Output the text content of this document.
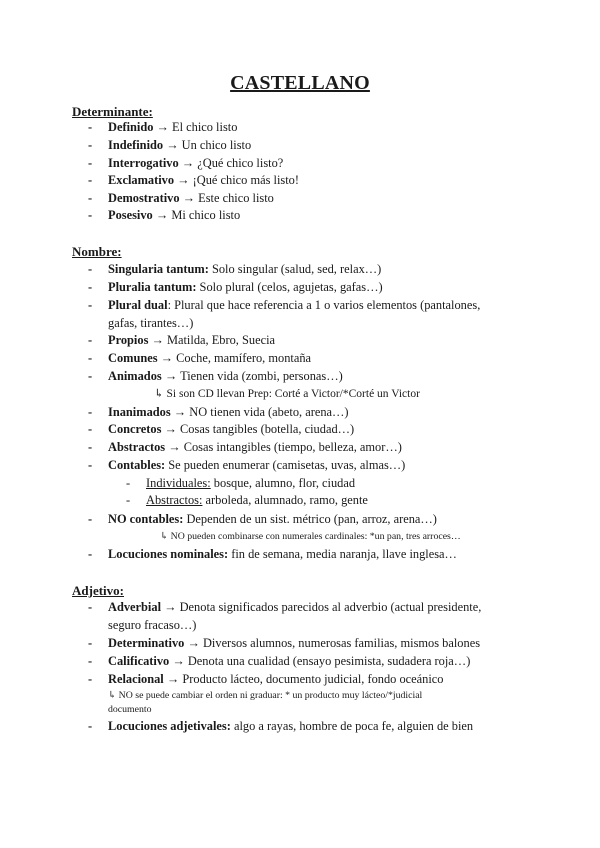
CASTELLANO
Determinante:
- Definido → El chico listo
- Indefinido → Un chico listo
- Interrogativo → ¿Qué chico listo?
- Exclamativo → ¡Qué chico más listo!
- Demostrativo → Este chico listo
- Posesivo → Mi chico listo
Nombre:
- Singularia tantum: Solo singular (salud, sed, relax…)
- Pluralia tantum: Solo plural (celos, agujetas, gafas…)
- Plural dual: Plural que hace referencia a 1 o varios elementos (pantalones,
gafas, tirantes…)
- Propios → Matilda, Ebro, Suecia
- Comunes → Coche, mamífero, montaña
- Animados → Tienen vida (zombi, personas…)
↳ Si son CD llevan Prep: Corté a Victor/*Corté un Victor
- Inanimados → NO tienen vida (abeto, arena…)
- Concretos → Cosas tangibles (botella, ciudad…)
- Abstractos → Cosas intangibles (tiempo, belleza, amor…)
- Contables: Se pueden enumerar (camisetas, uvas, almas…)
- Individuales: bosque, alumno, flor, ciudad
- Abstractos: arboleda, alumnado, ramo, gente
- NO contables: Dependen de un sist. métrico (pan, arroz, arena…)
↳ NO pueden combinarse con numerales cardinales: *un pan, tres arroces…
- Locuciones nominales: fin de semana, media naranja, llave inglesa…
Adjetivo:
- Adverbial → Denota significados parecidos al adverbio (actual presidente,
seguro fracaso…)
- Determinativo → Diversos alumnos, numerosas familias, mismos balones
- Calificativo → Denota una cualidad (ensayo pesimista, sudadera roja…)
- Relacional → Producto lácteo, documento judicial, fondo oceánico
↳ NO se puede cambiar el orden ni graduar: * un producto muy lácteo/*judicial
documento
- Locuciones adjetivales: algo a rayas, hombre de poca fe, alguien de bien
